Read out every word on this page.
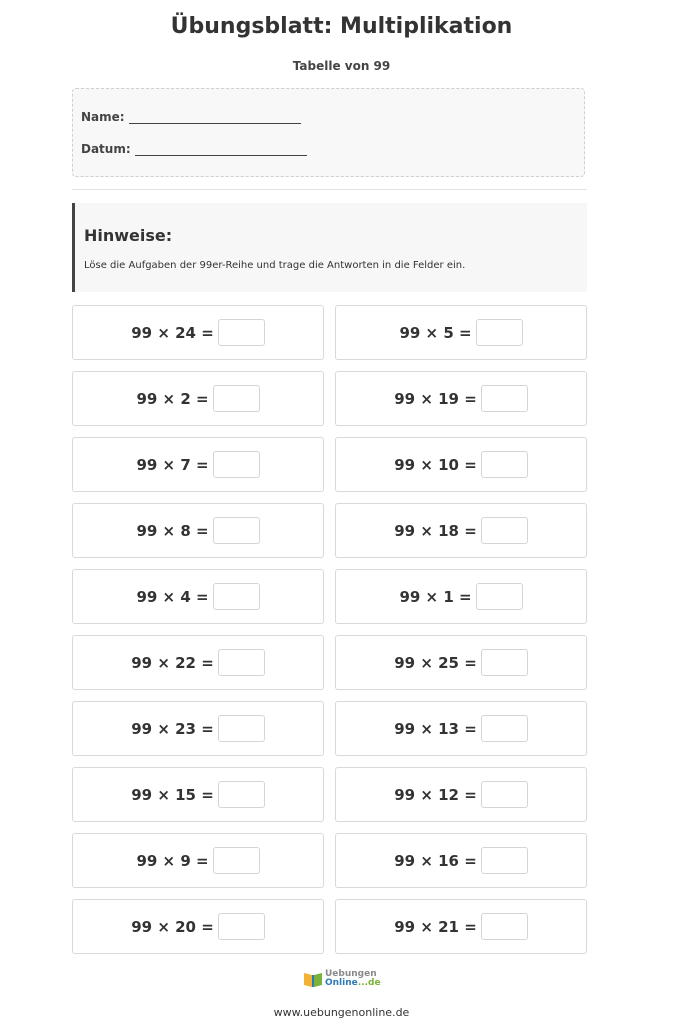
Übungsblatt: Multiplikation
Tabelle von 99
Name:
Datum:
Hinweise:
Löse die Aufgaben der 99er-Reihe und trage die Antworten in die Felder ein.
99 × 24 =	99 × 5 =
99 × 2 =	99 × 19 =
99 × 7 =	99 × 10 =
99 × 8 =	99 × 18 =
99 × 4 =	99 × 1 =
99 × 22 =	99 × 25 =
99 × 23 =	99 × 13 =
99 × 15 =	99 × 12 =
99 × 9 =	99 × 16 =
99 × 20 =	99 × 21 =
Uebungen
Online...de
www.uebungenonline.de
